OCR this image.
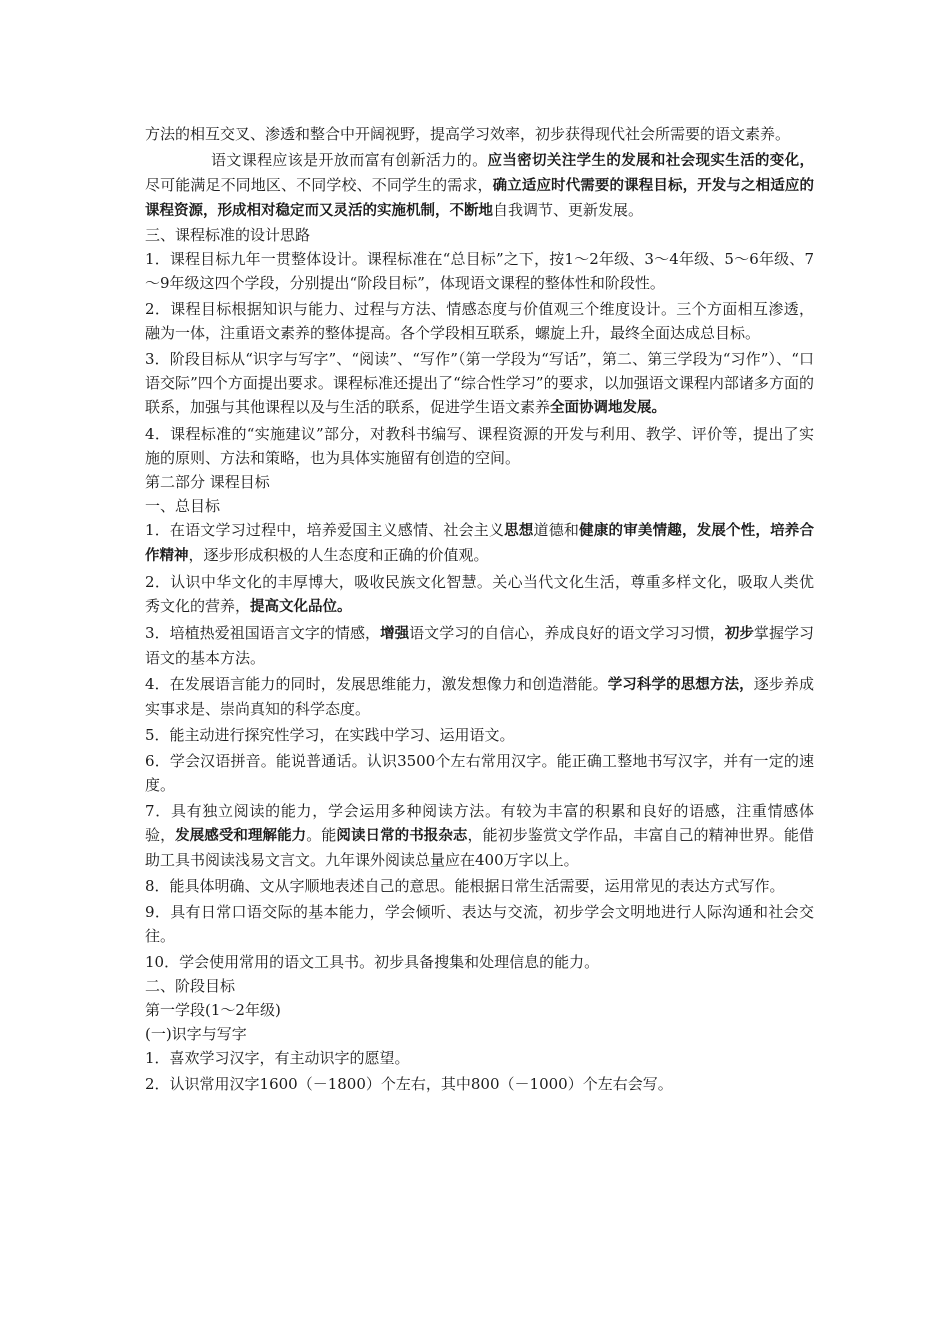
方法的相互交叉、渗透和整合中开阔视野，提高学习效率，初步获得现代社会所需要的语文素养。

语文课程应该是开放而富有创新活力的。应当密切关注学生的发展和社会现实生活的变化，尽可能满足不同地区、不同学校、不同学生的需求，确立适应时代需要的课程目标，开发与之相适应的课程资源，形成相对稳定而又灵活的实施机制，不断地自我调节、更新发展。

三、课程标准的设计思路

1．课程目标九年一贯整体设计。课程标准在“总目标”之下，按1～2年级、3～4年级、5～6年级、7～9年级这四个学段，分别提出“阶段目标”，体现语文课程的整体性和阶段性。

2．课程目标根据知识与能力、过程与方法、情感态度与价值观三个维度设计。三个方面相互渗透，融为一体，注重语文素养的整体提高。各个学段相互联系，螺旋上升，最终全面达成总目标。

3．阶段目标从“识字与写字”、“阅读”、“写作”（第一学段为“写话”，第二、第三学段为“习作”）、“口语交际”四个方面提出要求。课程标准还提出了“综合性学习”的要求，以加强语文课程内部诸多方面的联系，加强与其他课程以及与生活的联系，促进学生语文素养全面协调地发展。

4．课程标准的“实施建议”部分，对教科书编写、课程资源的开发与利用、教学、评价等，提出了实施的原则、方法和策略，也为具体实施留有创造的空间。

第二部分 课程目标

一、总目标

1．在语文学习过程中，培养爱国主义感情、社会主义思想道德和健康的审美情趣，发展个性，培养合作精神，逐步形成积极的人生态度和正确的价值观。

2．认识中华文化的丰厚博大，吸收民族文化智慧。关心当代文化生活，尊重多样文化，吸取人类优秀文化的营养，提高文化品位。

3．培植热爱祖国语言文字的情感，增强语文学习的自信心，养成良好的语文学习习惯，初步掌握学习语文的基本方法。

4．在发展语言能力的同时，发展思维能力，激发想像力和创造潜能。学习科学的思想方法，逐步养成实事求是、崇尚真知的科学态度。

5．能主动进行探究性学习，在实践中学习、运用语文。

6．学会汉语拼音。能说普通话。认识3500个左右常用汉字。能正确工整地书写汉字，并有一定的速度。

7．具有独立阅读的能力，学会运用多种阅读方法。有较为丰富的积累和良好的语感，注重情感体验，发展感受和理解能力。能阅读日常的书报杂志，能初步鉴赏文学作品，丰富自己的精神世界。能借助工具书阅读浅易文言文。九年课外阅读总量应在400万字以上。

8．能具体明确、文从字顺地表述自己的意思。能根据日常生活需要，运用常见的表达方式写作。

9．具有日常口语交际的基本能力，学会倾听、表达与交流，初步学会文明地进行人际沟通和社会交往。

10．学会使用常用的语文工具书。初步具备搜集和处理信息的能力。

二、阶段目标

第一学段(1～2年级)

(一)识字与写字

1．喜欢学习汉字，有主动识字的愿望。

2．认识常用汉字1600（－1800）个左右，其中800（－1000）个左右会写。
